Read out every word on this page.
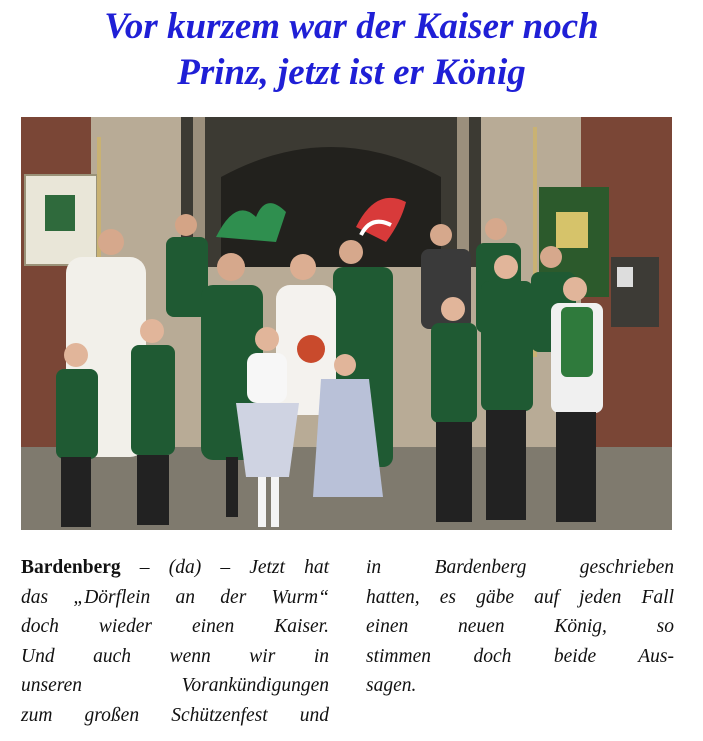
Vor kurzem war der Kaiser noch
Prinz, jetzt ist er König
Bardenberg – (da) – Jetzt hat
das „Dörflein an der Wurm“
doch wieder einen Kaiser.
Und auch wenn wir in
unseren Vorankündigungen
zum großen Schützenfest und
in Bardenberg geschrieben
hatten, es gäbe auf jeden Fall
einen neuen König, so
stimmen doch beide Aus-
sagen.
